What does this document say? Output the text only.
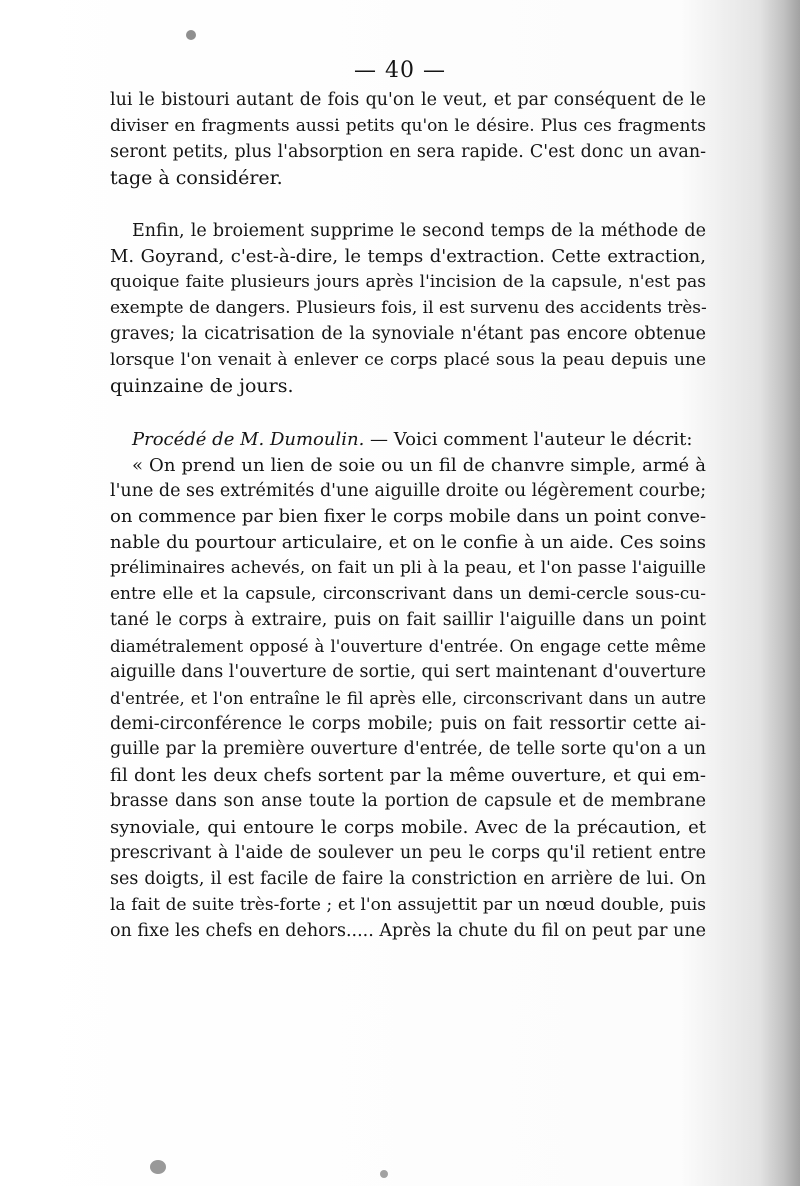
— 40 —
lui le bistouri autant de fois qu'on le veut, et par conséquent de le
diviser en fragments aussi petits qu'on le désire. Plus ces fragments
seront petits, plus l'absorption en sera rapide. C'est donc un avan-
tage à considérer.
Enfin, le broiement supprime le second temps de la méthode de
M. Goyrand, c'est-à-dire, le temps d'extraction. Cette extraction,
quoique faite plusieurs jours après l'incision de la capsule, n'est pas
exempte de dangers. Plusieurs fois, il est survenu des accidents très-
graves; la cicatrisation de la synoviale n'étant pas encore obtenue
lorsque l'on venait à enlever ce corps placé sous la peau depuis une
quinzaine de jours.
Procédé de M. Dumoulin. — Voici comment l'auteur le décrit:
« On prend un lien de soie ou un fil de chanvre simple, armé à
l'une de ses extrémités d'une aiguille droite ou légèrement courbe;
on commence par bien fixer le corps mobile dans un point conve-
nable du pourtour articulaire, et on le confie à un aide. Ces soins
préliminaires achevés, on fait un pli à la peau, et l'on passe l'aiguille
entre elle et la capsule, circonscrivant dans un demi-cercle sous-cu-
tané le corps à extraire, puis on fait saillir l'aiguille dans un point
diamétralement opposé à l'ouverture d'entrée. On engage cette même
aiguille dans l'ouverture de sortie, qui sert maintenant d'ouverture
d'entrée, et l'on entraîne le fil après elle, circonscrivant dans un autre
demi-circonférence le corps mobile; puis on fait ressortir cette ai-
guille par la première ouverture d'entrée, de telle sorte qu'on a un
fil dont les deux chefs sortent par la même ouverture, et qui em-
brasse dans son anse toute la portion de capsule et de membrane
synoviale, qui entoure le corps mobile. Avec de la précaution, et
prescrivant à l'aide de soulever un peu le corps qu'il retient entre
ses doigts, il est facile de faire la constriction en arrière de lui. On
la fait de suite très-forte ; et l'on assujettit par un nœud double, puis
on fixe les chefs en dehors..... Après la chute du fil on peut par une
